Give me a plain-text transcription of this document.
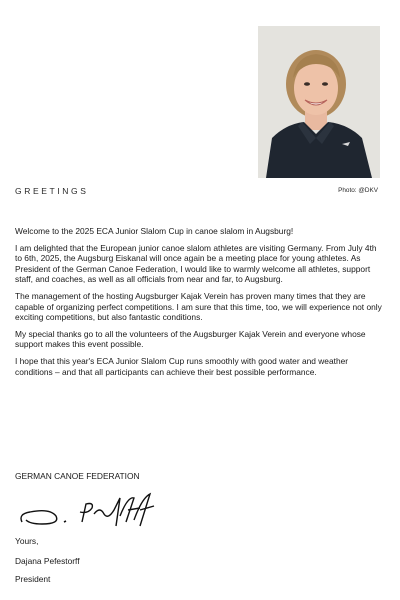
GREETINGS	Photo: @DKV

Welcome to the 2025 ECA Junior Slalom Cup in canoe slalom in Augsburg!

I am delighted that the European junior canoe slalom athletes are visiting Germany. From July 4th to 6th, 2025, the Augsburg Eiskanal will once again be a meeting place for young athletes. As President of the German Canoe Federation, I would like to warmly welcome all athletes, support staff, and coaches, as well as all officials from near and far, to Augsburg.

The management of the hosting Augsburger Kajak Verein has proven many times that they are capable of organizing perfect competitions. I am sure that this time, too, we will experience not only exciting competitions, but also fantastic conditions.

My special thanks go to all the volunteers of the Augsburger Kajak Verein and everyone whose support makes this event possible.

I hope that this year's ECA Junior Slalom Cup runs smoothly with good water and weather conditions – and that all participants can achieve their best possible performance.

GERMAN CANOE FEDERATION
Yours,
Dajana Pefestorff
President
